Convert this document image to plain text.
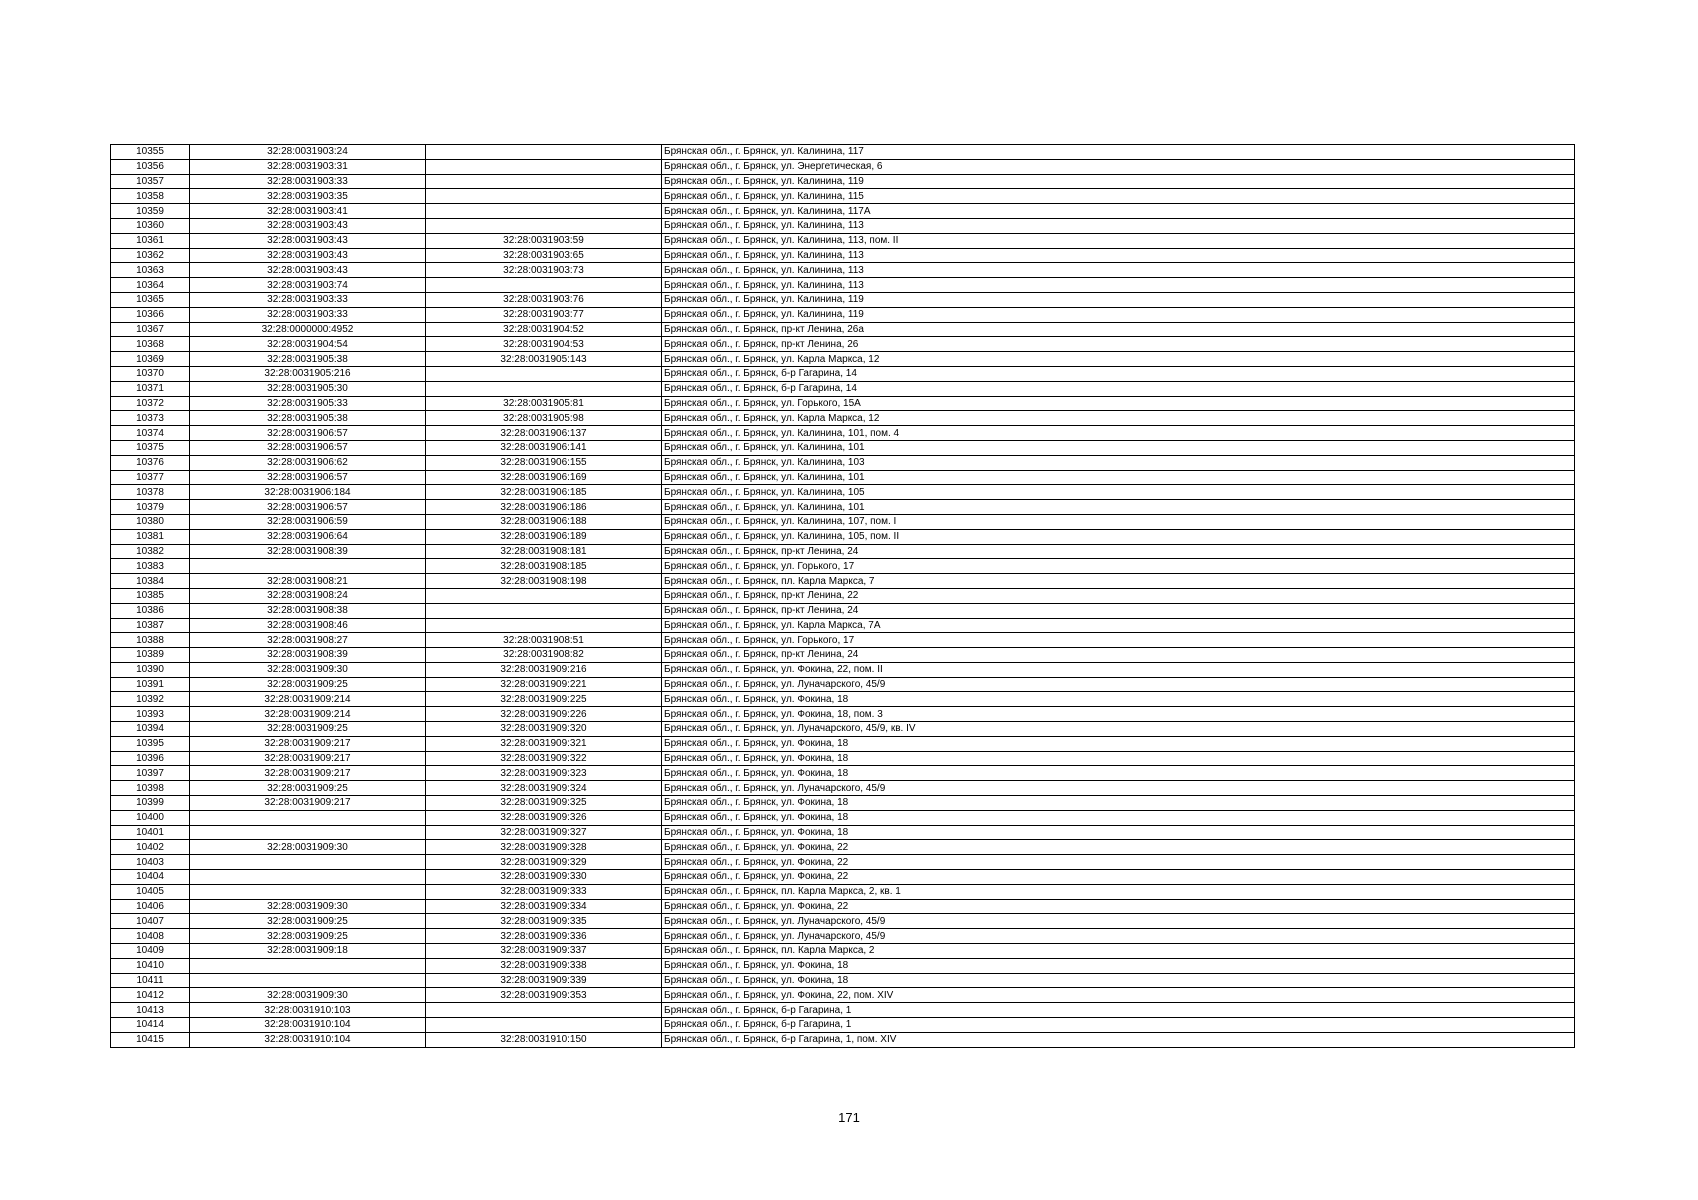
10355	32:28:0031903:24		Брянская обл., г. Брянск, ул. Калинина, 117
10356	32:28:0031903:31		Брянская обл., г. Брянск, ул. Энергетическая, 6
10357	32:28:0031903:33		Брянская обл., г. Брянск, ул. Калинина, 119
10358	32:28:0031903:35		Брянская обл., г. Брянск, ул. Калинина, 115
10359	32:28:0031903:41		Брянская обл., г. Брянск, ул. Калинина, 117А
10360	32:28:0031903:43		Брянская обл., г. Брянск, ул. Калинина, 113
10361	32:28:0031903:43	32:28:0031903:59	Брянская обл., г. Брянск, ул. Калинина, 113, пом. II
10362	32:28:0031903:43	32:28:0031903:65	Брянская обл., г. Брянск, ул. Калинина, 113
10363	32:28:0031903:43	32:28:0031903:73	Брянская обл., г. Брянск, ул. Калинина, 113
10364	32:28:0031903:74		Брянская обл., г. Брянск, ул. Калинина, 113
10365	32:28:0031903:33	32:28:0031903:76	Брянская обл., г. Брянск, ул. Калинина, 119
10366	32:28:0031903:33	32:28:0031903:77	Брянская обл., г. Брянск, ул. Калинина, 119
10367	32:28:0000000:4952	32:28:0031904:52	Брянская обл., г. Брянск, пр-кт Ленина, 26а
10368	32:28:0031904:54	32:28:0031904:53	Брянская обл., г. Брянск, пр-кт Ленина, 26
10369	32:28:0031905:38	32:28:0031905:143	Брянская обл., г. Брянск, ул. Карла Маркса, 12
10370	32:28:0031905:216		Брянская обл., г. Брянск, б-р Гагарина, 14
10371	32:28:0031905:30		Брянская обл., г. Брянск, б-р Гагарина, 14
10372	32:28:0031905:33	32:28:0031905:81	Брянская обл., г. Брянск, ул. Горького, 15А
10373	32:28:0031905:38	32:28:0031905:98	Брянская обл., г. Брянск, ул. Карла Маркса, 12
10374	32:28:0031906:57	32:28:0031906:137	Брянская обл., г. Брянск, ул. Калинина, 101, пом. 4
10375	32:28:0031906:57	32:28:0031906:141	Брянская обл., г. Брянск, ул. Калинина, 101
10376	32:28:0031906:62	32:28:0031906:155	Брянская обл., г. Брянск, ул. Калинина, 103
10377	32:28:0031906:57	32:28:0031906:169	Брянская обл., г. Брянск, ул. Калинина, 101
10378	32:28:0031906:184	32:28:0031906:185	Брянская обл., г. Брянск, ул. Калинина, 105
10379	32:28:0031906:57	32:28:0031906:186	Брянская обл., г. Брянск, ул. Калинина, 101
10380	32:28:0031906:59	32:28:0031906:188	Брянская обл., г. Брянск, ул. Калинина, 107, пом. I
10381	32:28:0031906:64	32:28:0031906:189	Брянская обл., г. Брянск, ул. Калинина, 105, пом. II
10382	32:28:0031908:39	32:28:0031908:181	Брянская обл., г. Брянск, пр-кт Ленина, 24
10383		32:28:0031908:185	Брянская обл., г. Брянск, ул. Горького, 17
10384	32:28:0031908:21	32:28:0031908:198	Брянская обл., г. Брянск, пл. Карла Маркса, 7
10385	32:28:0031908:24		Брянская обл., г. Брянск, пр-кт Ленина, 22
10386	32:28:0031908:38		Брянская обл., г. Брянск, пр-кт Ленина, 24
10387	32:28:0031908:46		Брянская обл., г. Брянск, ул. Карла Маркса, 7А
10388	32:28:0031908:27	32:28:0031908:51	Брянская обл., г. Брянск, ул. Горького, 17
10389	32:28:0031908:39	32:28:0031908:82	Брянская обл., г. Брянск, пр-кт Ленина, 24
10390	32:28:0031909:30	32:28:0031909:216	Брянская обл., г. Брянск, ул. Фокина, 22, пом. II
10391	32:28:0031909:25	32:28:0031909:221	Брянская обл., г. Брянск, ул. Луначарского, 45/9
10392	32:28:0031909:214	32:28:0031909:225	Брянская обл., г. Брянск, ул. Фокина, 18
10393	32:28:0031909:214	32:28:0031909:226	Брянская обл., г. Брянск, ул. Фокина, 18, пом. 3
10394	32:28:0031909:25	32:28:0031909:320	Брянская обл., г. Брянск, ул. Луначарского, 45/9, кв. IV
10395	32:28:0031909:217	32:28:0031909:321	Брянская обл., г. Брянск, ул. Фокина, 18
10396	32:28:0031909:217	32:28:0031909:322	Брянская обл., г. Брянск, ул. Фокина, 18
10397	32:28:0031909:217	32:28:0031909:323	Брянская обл., г. Брянск, ул. Фокина, 18
10398	32:28:0031909:25	32:28:0031909:324	Брянская обл., г. Брянск, ул. Луначарского, 45/9
10399	32:28:0031909:217	32:28:0031909:325	Брянская обл., г. Брянск, ул. Фокина, 18
10400		32:28:0031909:326	Брянская обл., г. Брянск, ул. Фокина, 18
10401		32:28:0031909:327	Брянская обл., г. Брянск, ул. Фокина, 18
10402	32:28:0031909:30	32:28:0031909:328	Брянская обл., г. Брянск, ул. Фокина, 22
10403		32:28:0031909:329	Брянская обл., г. Брянск, ул. Фокина, 22
10404		32:28:0031909:330	Брянская обл., г. Брянск, ул. Фокина, 22
10405		32:28:0031909:333	Брянская обл., г. Брянск, пл. Карла Маркса, 2, кв. 1
10406	32:28:0031909:30	32:28:0031909:334	Брянская обл., г. Брянск, ул. Фокина, 22
10407	32:28:0031909:25	32:28:0031909:335	Брянская обл., г. Брянск, ул. Луначарского, 45/9
10408	32:28:0031909:25	32:28:0031909:336	Брянская обл., г. Брянск, ул. Луначарского, 45/9
10409	32:28:0031909:18	32:28:0031909:337	Брянская обл., г. Брянск, пл. Карла Маркса, 2
10410		32:28:0031909:338	Брянская обл., г. Брянск, ул. Фокина, 18
10411		32:28:0031909:339	Брянская обл., г. Брянск, ул. Фокина, 18
10412	32:28:0031909:30	32:28:0031909:353	Брянская обл., г. Брянск, ул. Фокина, 22, пом. XIV
10413	32:28:0031910:103		Брянская обл., г. Брянск, б-р Гагарина, 1
10414	32:28:0031910:104		Брянская обл., г. Брянск, б-р Гагарина, 1
10415	32:28:0031910:104	32:28:0031910:150	Брянская обл., г. Брянск, б-р Гагарина, 1, пом. XIV
171
